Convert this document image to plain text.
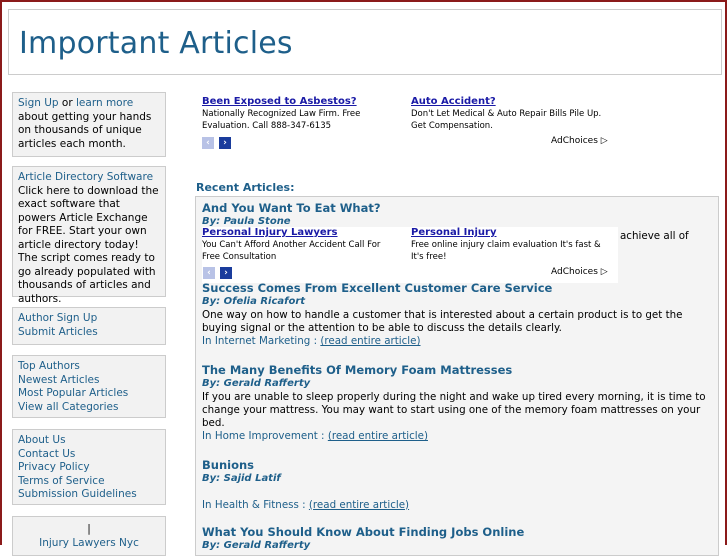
Important Articles
Sign Up or learn more about getting your hands on thousands of unique articles each month.
Article Directory Software
Click here to download the exact software that powers Article Exchange for FREE. Start your own article directory today! The script comes ready to go already populated with thousands of articles and authors.
Author Sign Up
Submit Articles
Top Authors
Newest Articles
Most Popular Articles
View all Categories
About Us
Contact Us
Privacy Policy
Terms of Service
Submission Guidelines
|
Injury Lawyers Nyc
Been Exposed to Asbestos?
Nationally Recognized Law Firm. Free Evaluation. Call 888-347-6135
Auto Accident?
Don't Let Medical & Auto Repair Bills Pile Up. Get Compensation.
‹	›	AdChoices ▷
Recent Articles:
And You Want To Eat What?
By: Paula Stone
achieve all of
Personal Injury Lawyers
You Can't Afford Another Accident Call For Free Consultation
Personal Injury
Free online injury claim evaluation It's fast & It's free!
‹	›	AdChoices ▷
Success Comes From Excellent Customer Care Service
By: Ofelia Ricafort
One way on how to handle a customer that is interested about a certain product is to get the buying signal or the attention to be able to discuss the details clearly.
In Internet Marketing : (read entire article)
The Many Benefits Of Memory Foam Mattresses
By: Gerald Rafferty
If you are unable to sleep properly during the night and wake up tired every morning, it is time to change your mattress. You may want to start using one of the memory foam mattresses on your bed.
In Home Improvement : (read entire article)
Bunions
By: Sajid Latif
In Health & Fitness : (read entire article)
What You Should Know About Finding Jobs Online
By: Gerald Rafferty
